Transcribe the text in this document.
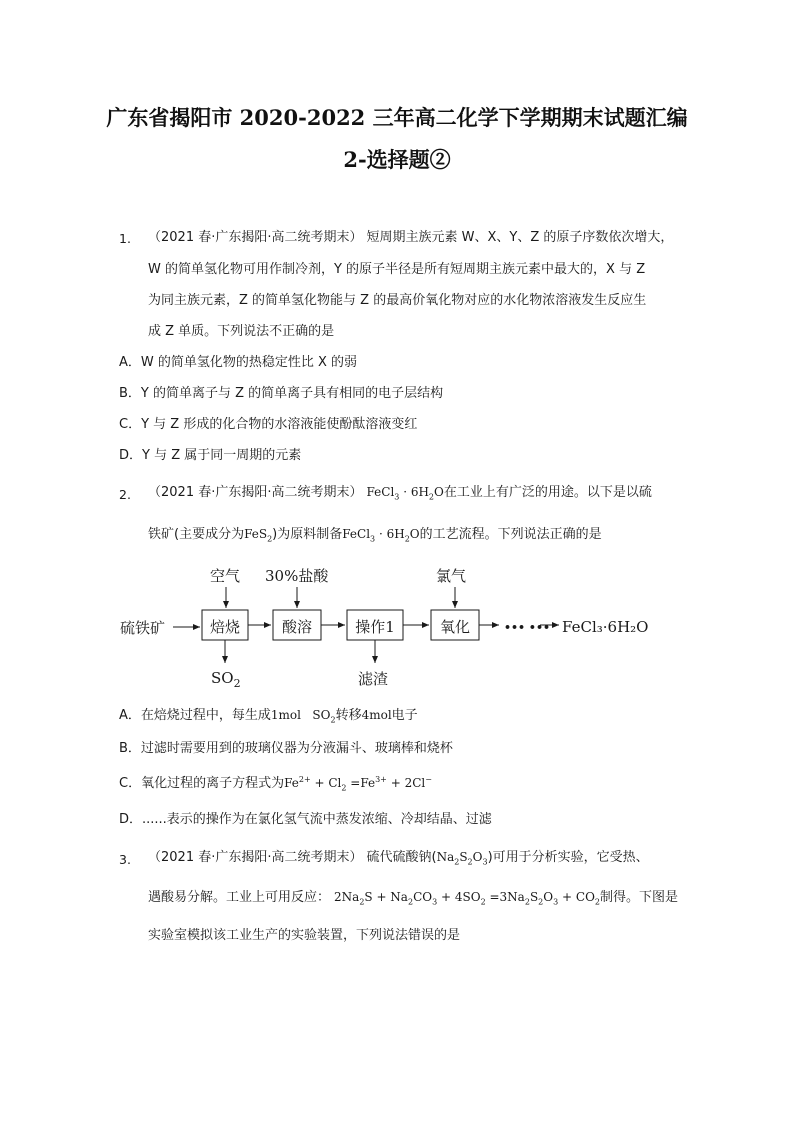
广东省揭阳市 2020-2022 三年高二化学下学期期末试题汇编
2-选择题②
1. （2021 春·广东揭阳·高二统考期末） 短周期主族元素 W、X、Y、Z 的原子序数依次增大，
W 的简单氢化物可用作制冷剂，Y 的原子半径是所有短周期主族元素中最大的，X 与 Z
为同主族元素，Z 的简单氢化物能与 Z 的最高价氧化物对应的水化物浓溶液发生反应生
成 Z 单质。下列说法不正确的是
A．W 的简单氢化物的热稳定性比 X 的弱
B．Y 的简单离子与 Z 的简单离子具有相同的电子层结构
C．Y 与 Z 形成的化合物的水溶液能使酚酞溶液变红
D．Y 与 Z 属于同一周期的元素
2. （2021 春·广东揭阳·高二统考期末） FeCl$_3$ · $6H_2O$在工业上有广泛的用途。以下是以硫
铁矿(主要成分为FeS$_2$)为原料制备FeCl$_3$ · $6H_2O$的工艺流程。下列说法正确的是
空气 30%盐酸	氯气
硫铁矿	焙烧	酸溶	操作1	氧化	••• ••• FeCl₃·6H₂O
$SO_2$	滤渣
A．在焙烧过程中，每生成1mol   $SO_2$转移4mol电子
B．过滤时需要用到的玻璃仪器为分液漏斗、玻璃棒和烧杯
C．氧化过程的离子方程式为$Fe^{2+} + Cl_2 =Fe^{3+} + 2Cl^-$
D．......表示的操作为在氯化氢气流中蒸发浓缩、冷却结晶、过滤
3. （2021 春·广东揭阳·高二统考期末） 硫代硫酸钠$(Na_2S_2O_3)$可用于分析实验，它受热、
遇酸易分解。工业上可用反应： $2Na_2S + Na_2CO_3 + 4SO_2 =3Na_2S_2O_3 + CO_2$制得。下图是
实验室模拟该工业生产的实验装置，下列说法错误的是
